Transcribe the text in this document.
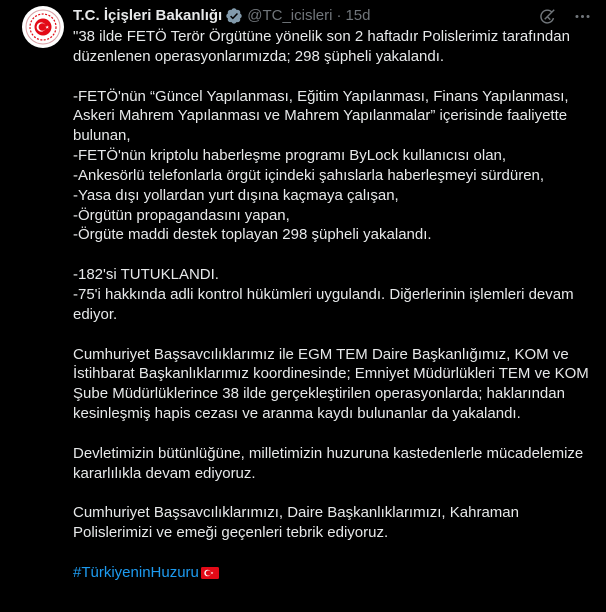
T.C. İçişleri Bakanlığı @TC_icisleri · 15d
"38 ilde FETÖ Terör Örgütüne yönelik son 2 haftadır Polislerimiz tarafından düzenlenen operasyonlarımızda; 298 şüpheli yakalandı.

-FETÖ'nün “Güncel Yapılanması, Eğitim Yapılanması, Finans Yapılanması, Askeri Mahrem Yapılanması ve Mahrem Yapılanmalar” içerisinde faaliyette bulunan,
-FETÖ'nün kriptolu haberleşme programı ByLock kullanıcısı olan,
-Ankesörlü telefonlarla örgüt içindeki şahıslarla haberleşmeyi sürdüren,
-Yasa dışı yollardan yurt dışına kaçmaya çalışan,
-Örgütün propagandasını yapan,
-Örgüte maddi destek toplayan 298 şüpheli yakalandı.

-182'si TUTUKLANDI.
-75'i hakkında adli kontrol hükümleri uygulandı. Diğerlerinin işlemleri devam ediyor.

Cumhuriyet Başsavcılıklarımız ile EGM TEM Daire Başkanlığımız, KOM ve İstihbarat Başkanlıklarımız koordinesinde; Emniyet Müdürlükleri TEM ve KOM Şube Müdürlüklerince 38 ilde gerçekleştirilen operasyonlarda; haklarından kesinleşmiş hapis cezası ve aranma kaydı bulunanlar da yakalandı.

Devletimizin bütünlüğüne, milletimizin huzuruna kastedenlerle mücadelemize kararlılıkla devam ediyoruz.

Cumhuriyet Başsavcılıklarımızı, Daire Başkanlıklarımızı, Kahraman Polislerimizi ve emeği geçenleri tebrik ediyoruz.

#TürkiyeninHuzuru
